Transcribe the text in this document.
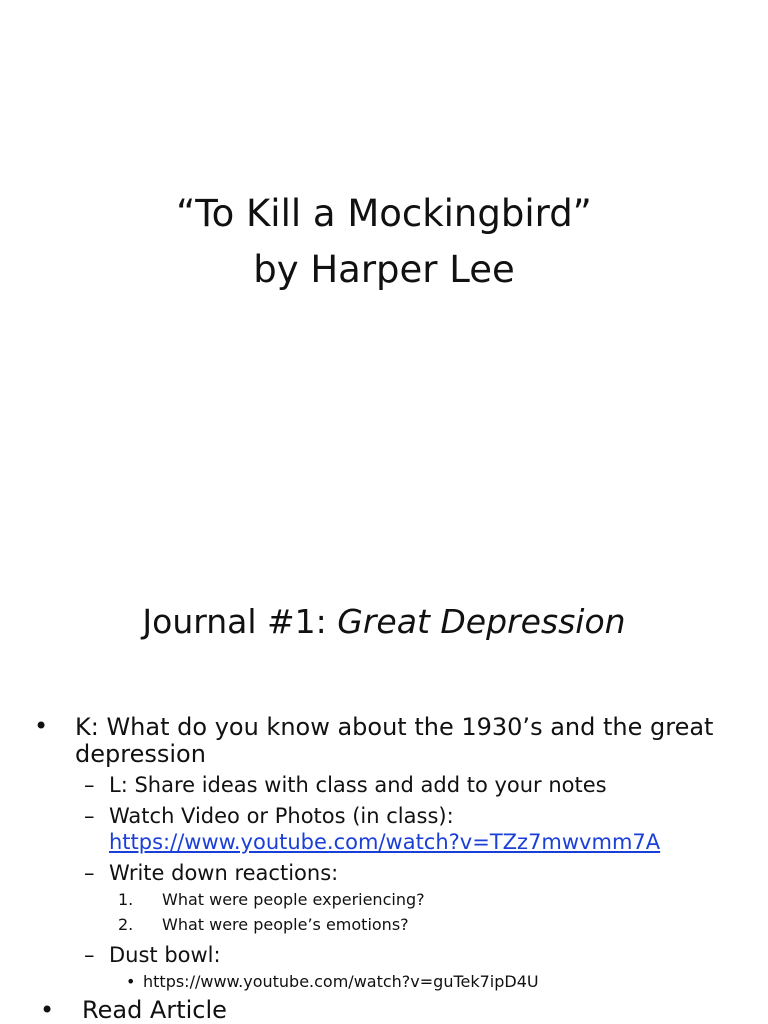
“To Kill a Mockingbird”
by Harper Lee
Journal #1: Great Depression
• K: What do you know about the 1930’s and the great
depression
– L: Share ideas with class and add to your notes
– Watch Video or Photos (in class):
https://www.youtube.com/watch?v=TZz7mwvmm7A
– Write down reactions:
1. What were people experiencing?
2. What were people’s emotions?
– Dust bowl:
• https://www.youtube.com/watch?v=guTek7ipD4U
• Read Article
